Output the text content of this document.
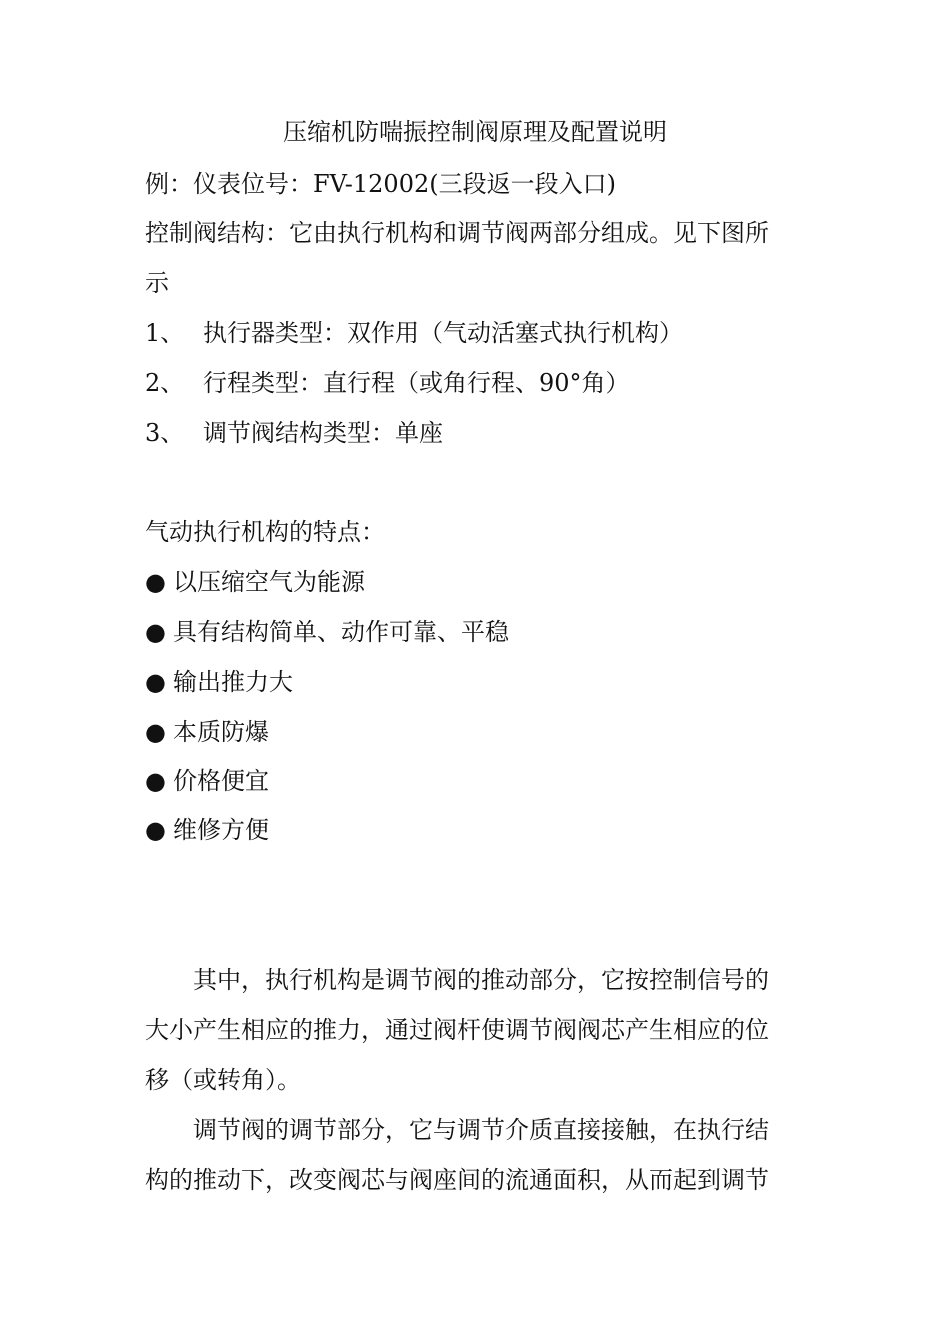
压缩机防喘振控制阀原理及配置说明
例：仪表位号：FV-12002(三段返一段入口)
控制阀结构：它由执行机构和调节阀两部分组成。见下图所
示
1、 执行器类型：双作用（气动活塞式执行机构）
2、 行程类型：直行程（或角行程、90°角）
3、 调节阀结构类型：单座
气动执行机构的特点：
● 以压缩空气为能源
● 具有结构简单、动作可靠、平稳
● 输出推力大
● 本质防爆
● 价格便宜
● 维修方便
其中，执行机构是调节阀的推动部分，它按控制信号的
大小产生相应的推力，通过阀杆使调节阀阀芯产生相应的位
移（或转角）。
调节阀的调节部分，它与调节介质直接接触，在执行结
构的推动下，改变阀芯与阀座间的流通面积，从而起到调节
